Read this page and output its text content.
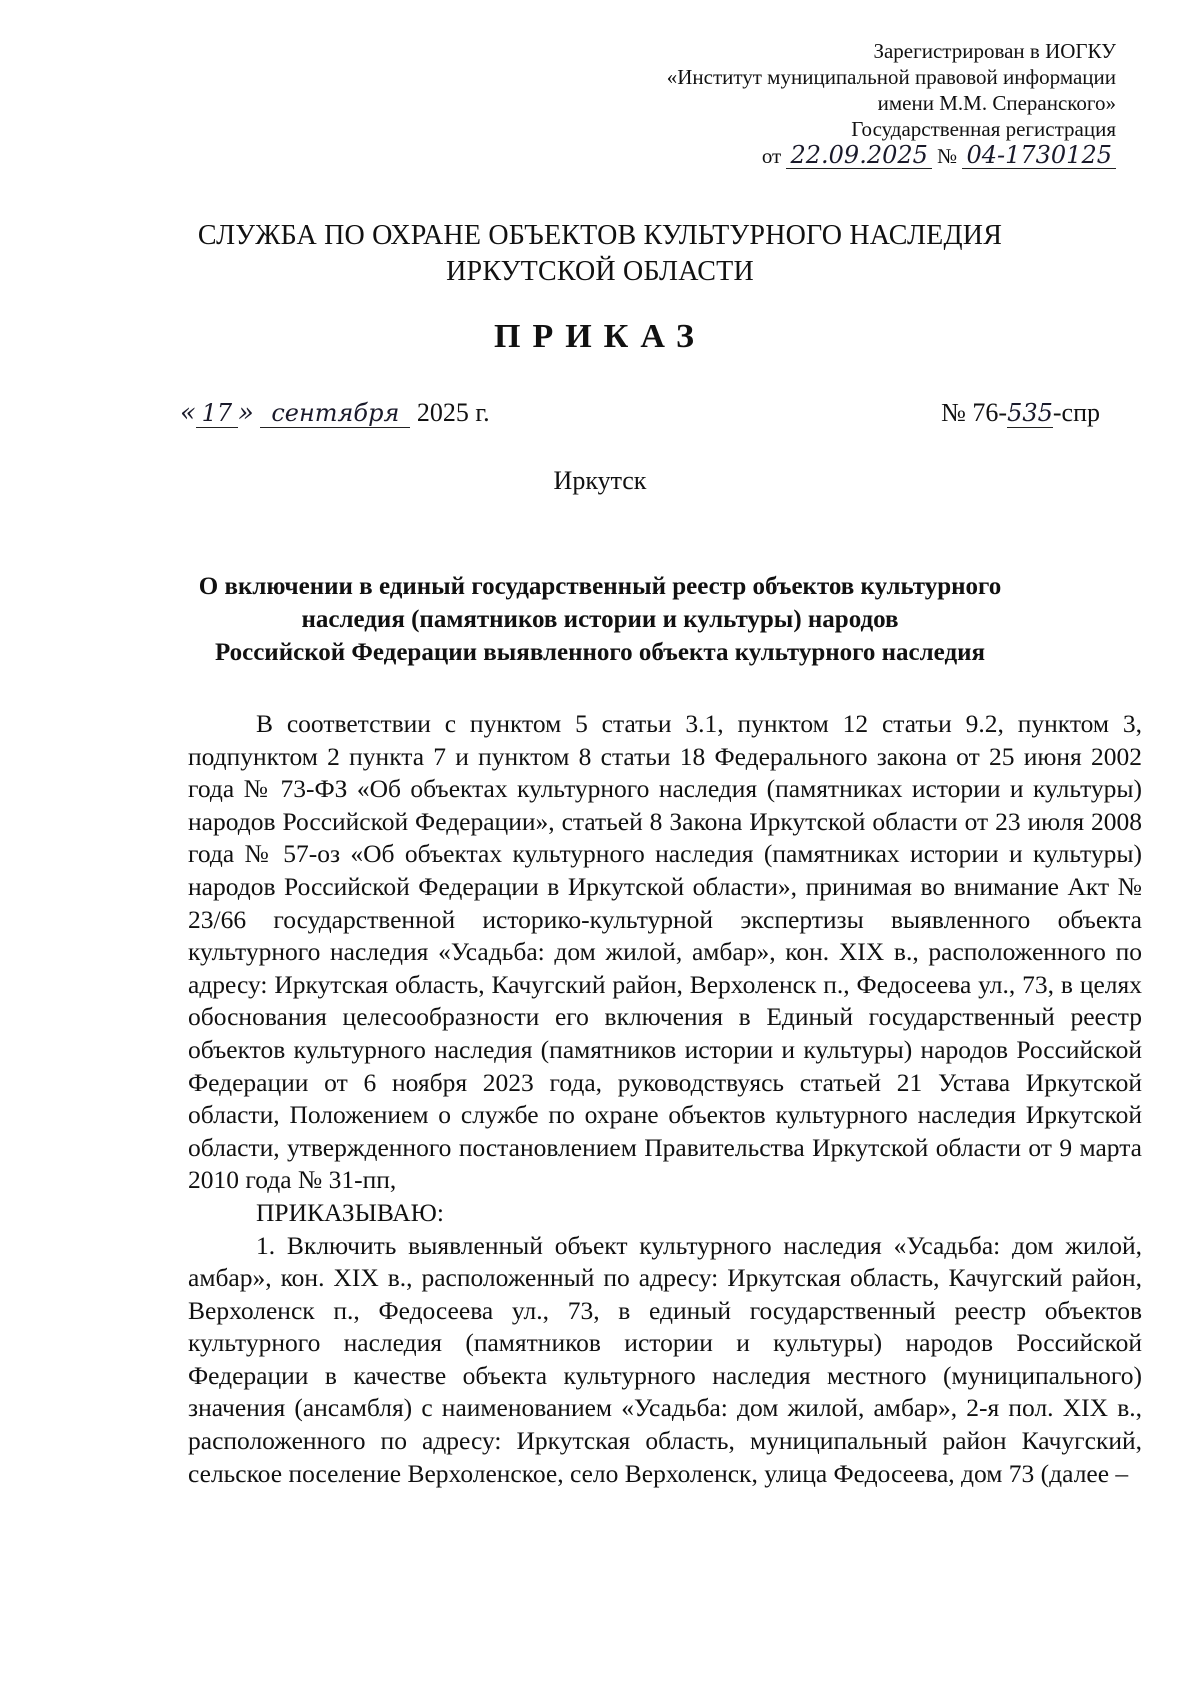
Зарегистрирован в ИОГКУ
«Институт муниципальной правовой информации
имени М.М. Сперанского»
Государственная регистрация
от 22.09.2025 № 04-1730125
СЛУЖБА ПО ОХРАНЕ ОБЪЕКТОВ КУЛЬТУРНОГО НАСЛЕДИЯ
ИРКУТСКОЙ ОБЛАСТИ
ПРИКАЗ
« 17 » сентября 2025 г.	№ 76-535-спр
Иркутск
О включении в единый государственный реестр объектов культурного
наследия (памятников истории и культуры) народов
Российской Федерации выявленного объекта культурного наследия

В соответствии с пунктом 5 статьи 3.1, пунктом 12 статьи 9.2, пунктом 3, подпунктом 2 пункта 7 и пунктом 8 статьи 18 Федерального закона от 25 июня 2002 года № 73-ФЗ «Об объектах культурного наследия (памятниках истории и культуры) народов Российской Федерации», статьей 8 Закона Иркутской области от 23 июля 2008 года № 57-оз «Об объектах культурного наследия (памятниках истории и культуры) народов Российской Федерации в Иркутской области», принимая во внимание Акт № 23/66 государственной историко-культурной экспертизы выявленного объекта культурного наследия «Усадьба: дом жилой, амбар», кон. XIX в., расположенного по адресу: Иркутская область, Качугский район, Верхоленск п., Федосеева ул., 73, в целях обоснования целесообразности его включения в Единый государственный реестр объектов культурного наследия (памятников истории и культуры) народов Российской Федерации от 6 ноября 2023 года, руководствуясь статьей 21 Устава Иркутской области, Положением о службе по охране объектов культурного наследия Иркутской области, утвержденного постановлением Правительства Иркутской области от 9 марта 2010 года № 31-пп,

ПРИКАЗЫВАЮ:

1. Включить выявленный объект культурного наследия «Усадьба: дом жилой, амбар», кон. XIX в., расположенный по адресу: Иркутская область, Качугский район, Верхоленск п., Федосеева ул., 73, в единый государственный реестр объектов культурного наследия (памятников истории и культуры) народов Российской Федерации в качестве объекта культурного наследия местного (муниципального) значения (ансамбля) с наименованием «Усадьба: дом жилой, амбар», 2-я пол. XIX в., расположенного по адресу: Иркутская область, муниципальный район Качугский, сельское поселение Верхоленское, село Верхоленск, улица Федосеева, дом 73 (далее –
